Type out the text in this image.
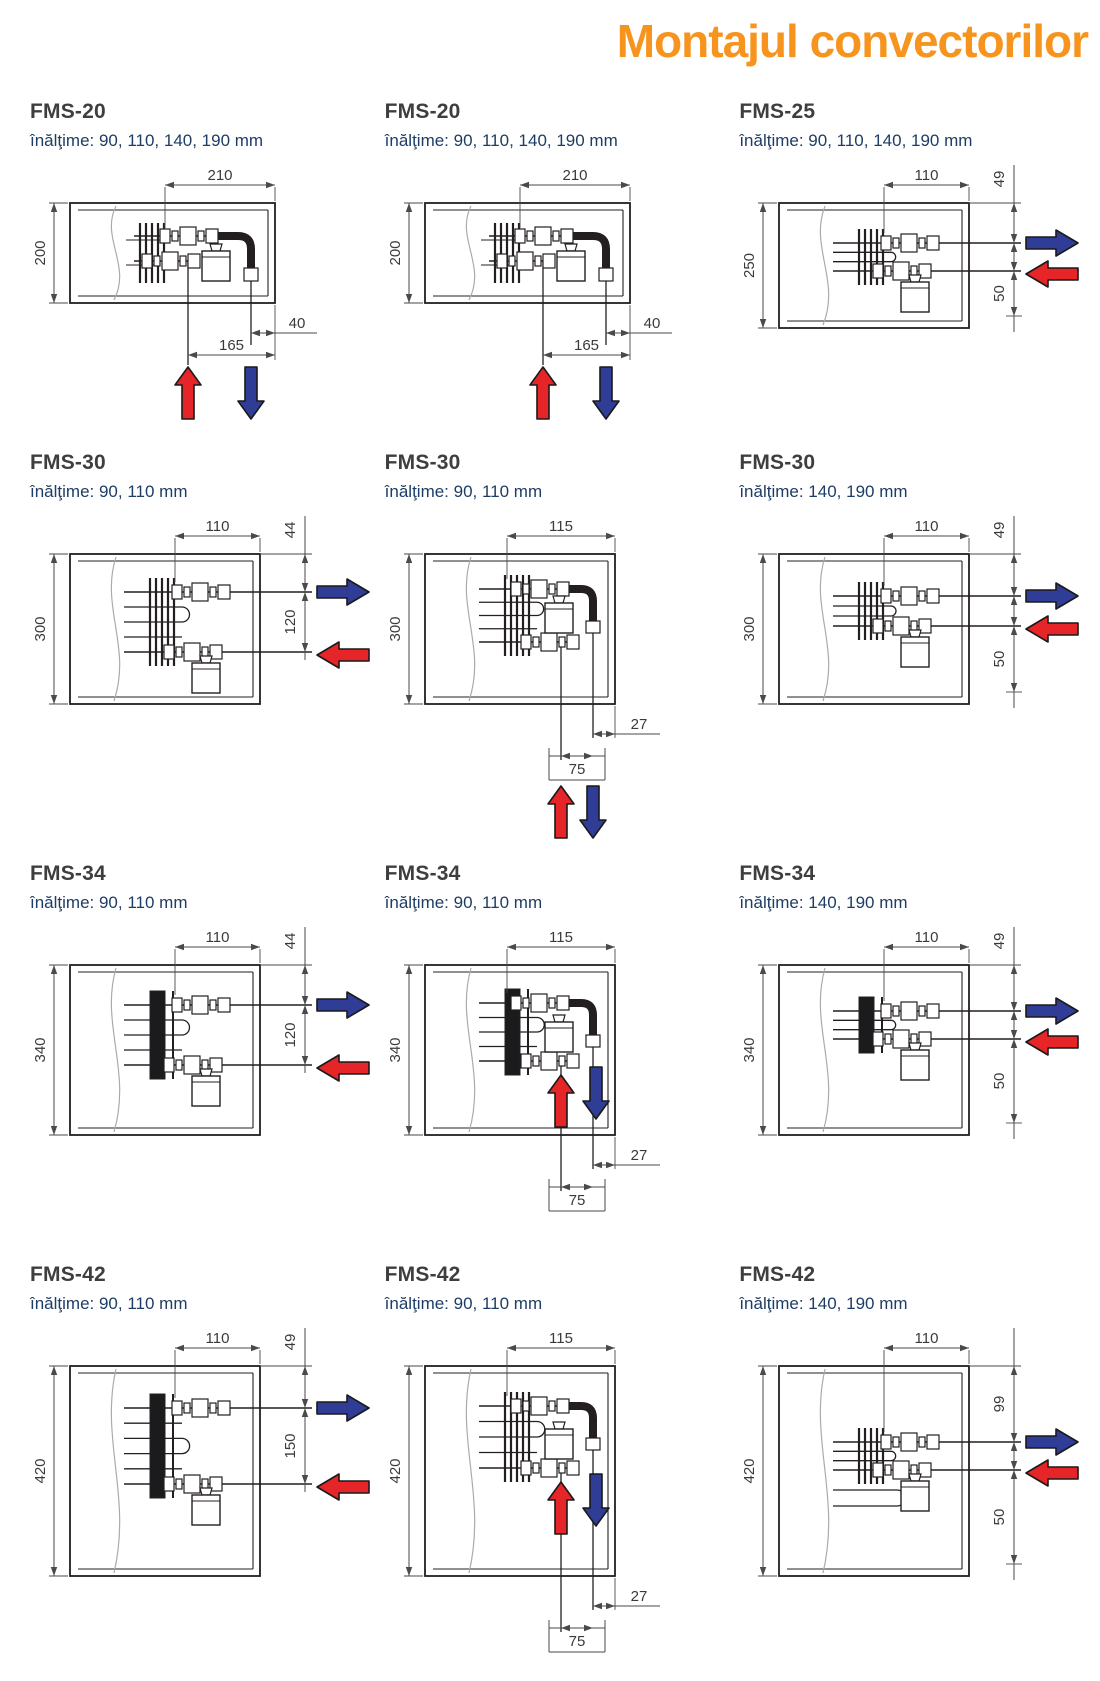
Montajul convectorilor
FMS-20
înălţime: 90, 110, 140, 190 mm
210
200
40
165
FMS-20
înălţime: 90, 110, 140, 190 mm
210
200
40
165
FMS-25
înălţime: 90, 110, 140, 190 mm
110
250
49
50
FMS-30
înălţime: 90, 110 mm
110
300
44
120
FMS-30
înălţime: 90, 110 mm
115
300
27
75
FMS-30
înălţime: 140, 190 mm
110
300
49
50
FMS-34
înălţime: 90, 110 mm
110
340
44
120
FMS-34
înălţime: 90, 110 mm
115
340
27
75
FMS-34
înălţime: 140, 190 mm
110
340
49
50
FMS-42
înălţime: 90, 110 mm
110
420
49
150
FMS-42
înălţime: 90, 110 mm
115
420
27
75
FMS-42
înălţime: 140, 190 mm
110
420
99
50
